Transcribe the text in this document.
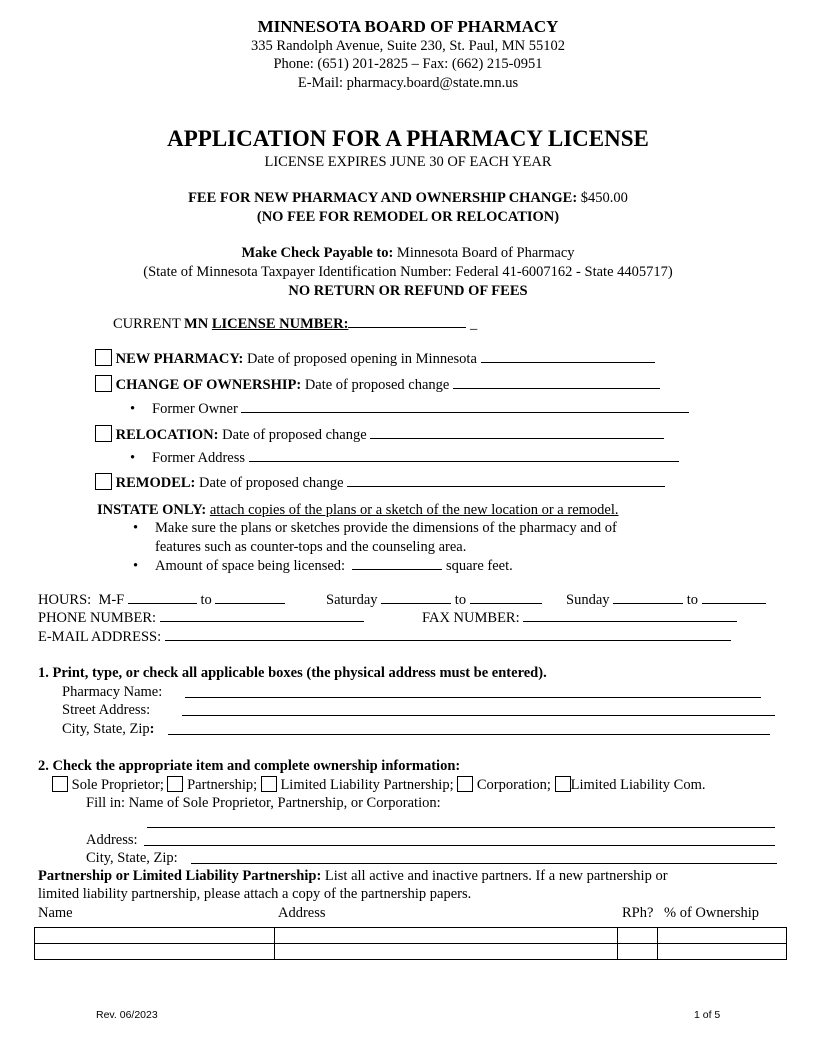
MINNESOTA BOARD OF PHARMACY
335 Randolph Avenue, Suite 230, St. Paul, MN 55102
Phone: (651) 201-2825 – Fax: (662) 215-0951
E-Mail: pharmacy.board@state.mn.us
APPLICATION FOR A PHARMACY LICENSE
LICENSE EXPIRES JUNE 30 OF EACH YEAR
FEE FOR NEW PHARMACY AND OWNERSHIP CHANGE: $450.00
(NO FEE FOR REMODEL OR RELOCATION)
Make Check Payable to: Minnesota Board of Pharmacy
(State of Minnesota Taxpayer Identification Number: Federal 41-6007162 - State 4405717)
NO RETURN OR REFUND OF FEES
CURRENT MN LICENSE NUMBER:	_
NEW PHARMACY: Date of proposed opening in Minnesota
CHANGE OF OWNERSHIP: Date of proposed change
• Former Owner
RELOCATION: Date of proposed change
• Former Address
REMODEL: Date of proposed change
INSTATE ONLY: attach copies of the plans or a sketch of the new location or a remodel.
• Make sure the plans or sketches provide the dimensions of the pharmacy and of
features such as counter-tops and the counseling area.
• Amount of space being licensed:	square feet.
HOURS: M-F	to	Saturday	to	Sunday	to
PHONE NUMBER:	FAX NUMBER:
E-MAIL ADDRESS:
1. Print, type, or check all applicable boxes (the physical address must be entered).
Pharmacy Name:
Street Address:
City, State, Zip:
2. Check the appropriate item and complete ownership information:
Sole Proprietor; Partnership; Limited Liability Partnership; Corporation; Limited Liability Com.
Fill in: Name of Sole Proprietor, Partnership, or Corporation:
Address:
City, State, Zip:
Partnership or Limited Liability Partnership: List all active and inactive partners. If a new partnership or
limited liability partnership, please attach a copy of the partnership papers.
Name	Address	RPh? % of Ownership

Rev. 06/2023	1 of 5
